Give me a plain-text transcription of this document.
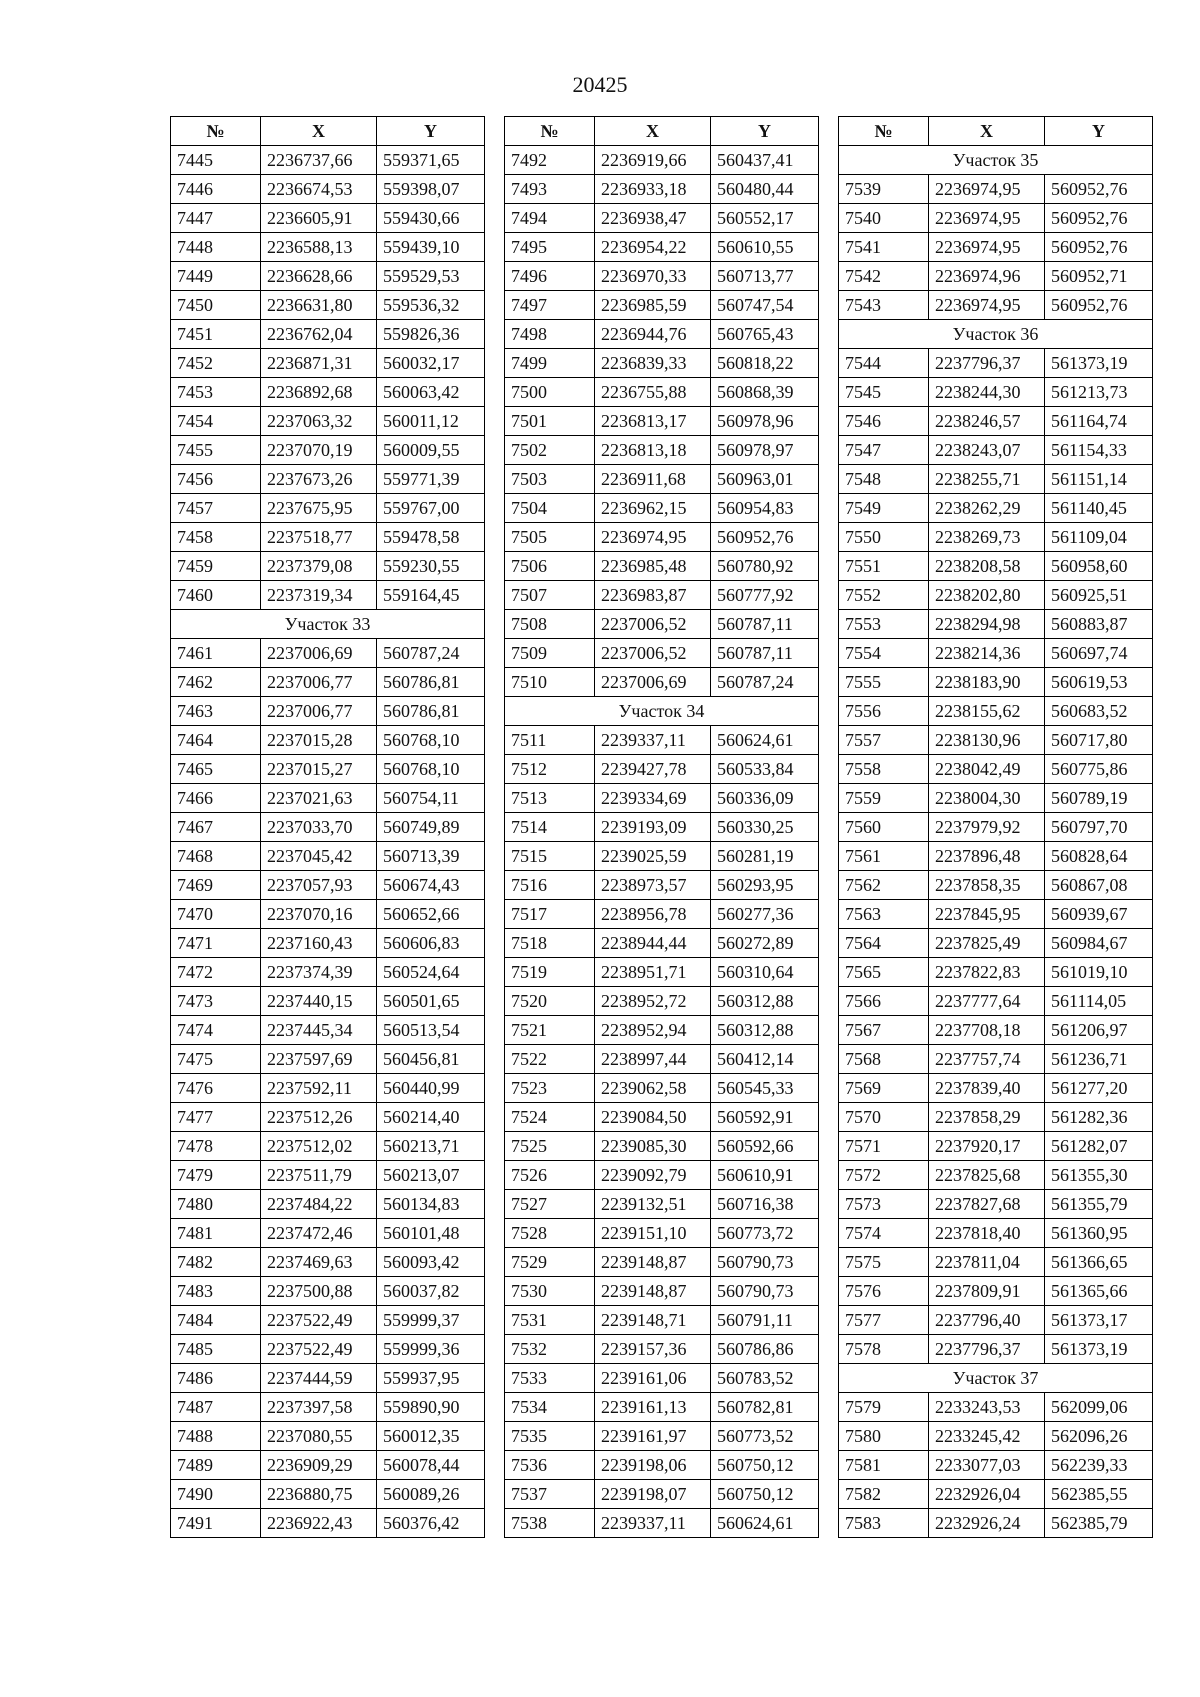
20425
№	X	Y
7445	2236737,66	559371,65
7446	2236674,53	559398,07
7447	2236605,91	559430,66
7448	2236588,13	559439,10
7449	2236628,66	559529,53
7450	2236631,80	559536,32
7451	2236762,04	559826,36
7452	2236871,31	560032,17
7453	2236892,68	560063,42
7454	2237063,32	560011,12
7455	2237070,19	560009,55
7456	2237673,26	559771,39
7457	2237675,95	559767,00
7458	2237518,77	559478,58
7459	2237379,08	559230,55
7460	2237319,34	559164,45
Участок 33		
7461	2237006,69	560787,24
7462	2237006,77	560786,81
7463	2237006,77	560786,81
7464	2237015,28	560768,10
7465	2237015,27	560768,10
7466	2237021,63	560754,11
7467	2237033,70	560749,89
7468	2237045,42	560713,39
7469	2237057,93	560674,43
7470	2237070,16	560652,66
7471	2237160,43	560606,83
7472	2237374,39	560524,64
7473	2237440,15	560501,65
7474	2237445,34	560513,54
7475	2237597,69	560456,81
7476	2237592,11	560440,99
7477	2237512,26	560214,40
7478	2237512,02	560213,71
7479	2237511,79	560213,07
7480	2237484,22	560134,83
7481	2237472,46	560101,48
7482	2237469,63	560093,42
7483	2237500,88	560037,82
7484	2237522,49	559999,37
7485	2237522,49	559999,36
7486	2237444,59	559937,95
7487	2237397,58	559890,90
7488	2237080,55	560012,35
7489	2236909,29	560078,44
7490	2236880,75	560089,26
7491	2236922,43	560376,42
№	X	Y
7492	2236919,66	560437,41
7493	2236933,18	560480,44
7494	2236938,47	560552,17
7495	2236954,22	560610,55
7496	2236970,33	560713,77
7497	2236985,59	560747,54
7498	2236944,76	560765,43
7499	2236839,33	560818,22
7500	2236755,88	560868,39
7501	2236813,17	560978,96
7502	2236813,18	560978,97
7503	2236911,68	560963,01
7504	2236962,15	560954,83
7505	2236974,95	560952,76
7506	2236985,48	560780,92
7507	2236983,87	560777,92
7508	2237006,52	560787,11
7509	2237006,52	560787,11
7510	2237006,69	560787,24
Участок 34		
7511	2239337,11	560624,61
7512	2239427,78	560533,84
7513	2239334,69	560336,09
7514	2239193,09	560330,25
7515	2239025,59	560281,19
7516	2238973,57	560293,95
7517	2238956,78	560277,36
7518	2238944,44	560272,89
7519	2238951,71	560310,64
7520	2238952,72	560312,88
7521	2238952,94	560312,88
7522	2238997,44	560412,14
7523	2239062,58	560545,33
7524	2239084,50	560592,91
7525	2239085,30	560592,66
7526	2239092,79	560610,91
7527	2239132,51	560716,38
7528	2239151,10	560773,72
7529	2239148,87	560790,73
7530	2239148,87	560790,73
7531	2239148,71	560791,11
7532	2239157,36	560786,86
7533	2239161,06	560783,52
7534	2239161,13	560782,81
7535	2239161,97	560773,52
7536	2239198,06	560750,12
7537	2239198,07	560750,12
7538	2239337,11	560624,61
№	X	Y
Участок 35		
7539	2236974,95	560952,76
7540	2236974,95	560952,76
7541	2236974,95	560952,76
7542	2236974,96	560952,71
7543	2236974,95	560952,76
Участок 36		
7544	2237796,37	561373,19
7545	2238244,30	561213,73
7546	2238246,57	561164,74
7547	2238243,07	561154,33
7548	2238255,71	561151,14
7549	2238262,29	561140,45
7550	2238269,73	561109,04
7551	2238208,58	560958,60
7552	2238202,80	560925,51
7553	2238294,98	560883,87
7554	2238214,36	560697,74
7555	2238183,90	560619,53
7556	2238155,62	560683,52
7557	2238130,96	560717,80
7558	2238042,49	560775,86
7559	2238004,30	560789,19
7560	2237979,92	560797,70
7561	2237896,48	560828,64
7562	2237858,35	560867,08
7563	2237845,95	560939,67
7564	2237825,49	560984,67
7565	2237822,83	561019,10
7566	2237777,64	561114,05
7567	2237708,18	561206,97
7568	2237757,74	561236,71
7569	2237839,40	561277,20
7570	2237858,29	561282,36
7571	2237920,17	561282,07
7572	2237825,68	561355,30
7573	2237827,68	561355,79
7574	2237818,40	561360,95
7575	2237811,04	561366,65
7576	2237809,91	561365,66
7577	2237796,40	561373,17
7578	2237796,37	561373,19
Участок 37		
7579	2233243,53	562099,06
7580	2233245,42	562096,26
7581	2233077,03	562239,33
7582	2232926,04	562385,55
7583	2232926,24	562385,79
